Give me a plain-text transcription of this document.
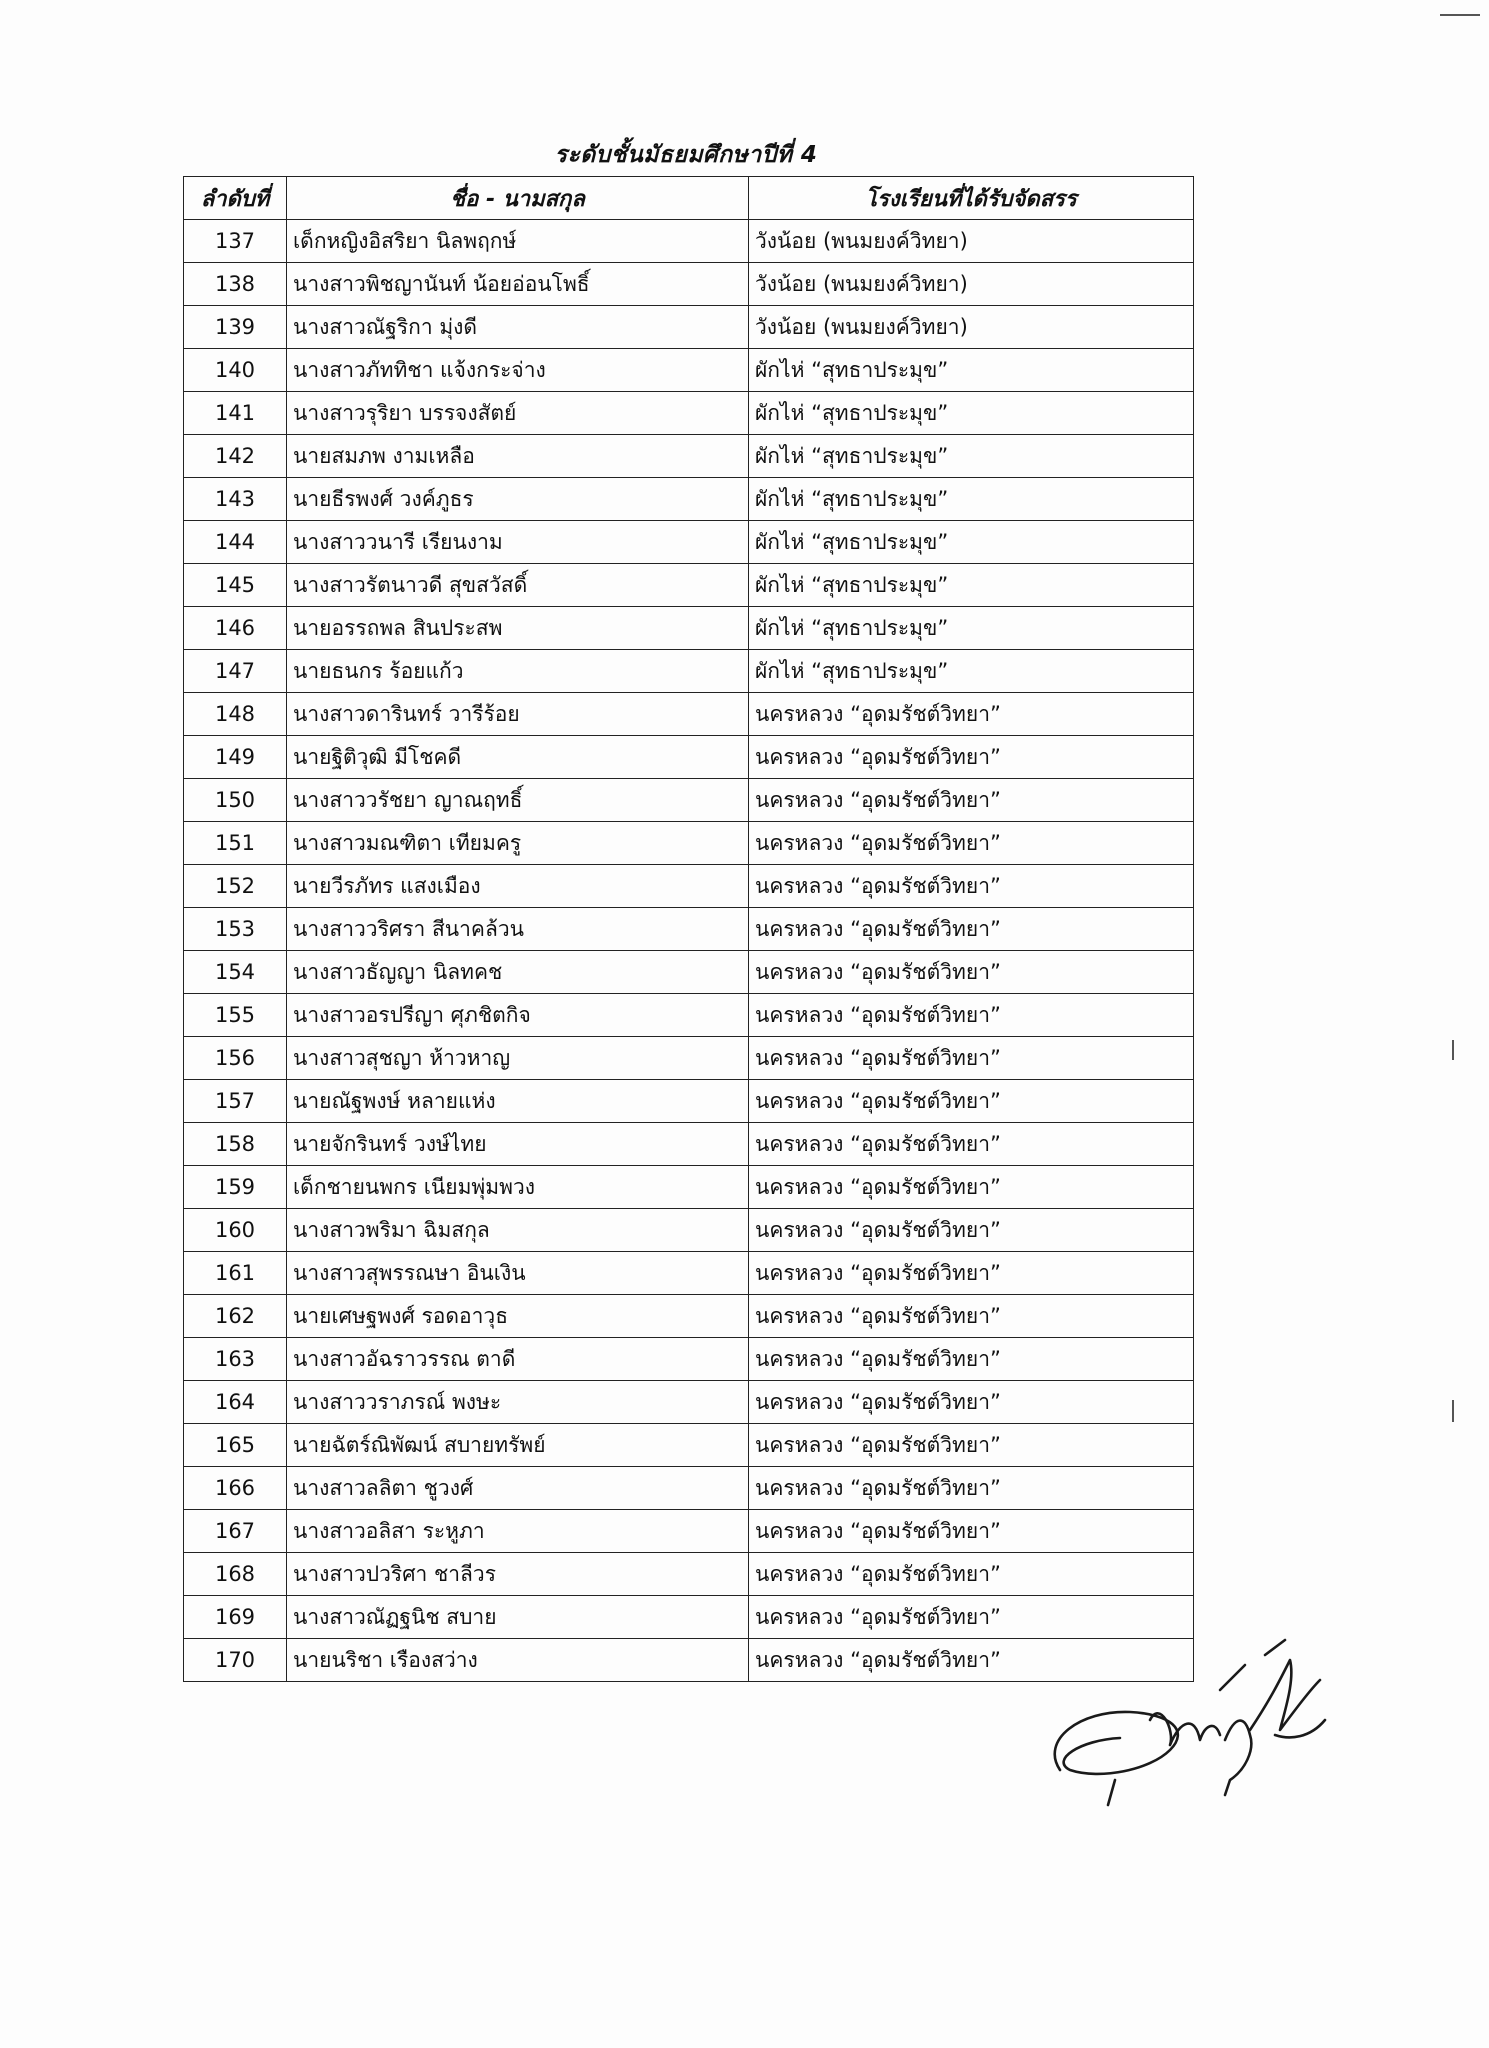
ระดับชั้นมัธยมศึกษาปีที่ 4
ลำดับที่	ชื่อ - นามสกุล	โรงเรียนที่ได้รับจัดสรร
137	เด็กหญิงอิสริยา นิลพฤกษ์	วังน้อย (พนมยงค์วิทยา)
138	นางสาวพิชญานันท์ น้อยอ่อนโพธิ์	วังน้อย (พนมยงค์วิทยา)
139	นางสาวณัฐริกา มุ่งดี	วังน้อย (พนมยงค์วิทยา)
140	นางสาวภัททิชา แจ้งกระจ่าง	ผักไห่ “สุทธาประมุข”
141	นางสาวรุริยา บรรจงสัตย์	ผักไห่ “สุทธาประมุข”
142	นายสมภพ งามเหลือ	ผักไห่ “สุทธาประมุข”
143	นายธีรพงศ์ วงค์ภูธร	ผักไห่ “สุทธาประมุข”
144	นางสาววนารี เรียนงาม	ผักไห่ “สุทธาประมุข”
145	นางสาวรัตนาวดี สุขสวัสดิ์	ผักไห่ “สุทธาประมุข”
146	นายอรรถพล สินประสพ	ผักไห่ “สุทธาประมุข”
147	นายธนกร ร้อยแก้ว	ผักไห่ “สุทธาประมุข”
148	นางสาวดารินทร์ วารีร้อย	นครหลวง “อุดมรัชต์วิทยา”
149	นายฐิติวุฒิ มีโชคดี	นครหลวง “อุดมรัชต์วิทยา”
150	นางสาววรัชยา ญาณฤทธิ์	นครหลวง “อุดมรัชต์วิทยา”
151	นางสาวมณฑิตา เทียมครู	นครหลวง “อุดมรัชต์วิทยา”
152	นายวีรภัทร แสงเมือง	นครหลวง “อุดมรัชต์วิทยา”
153	นางสาววริศรา สีนาคล้วน	นครหลวง “อุดมรัชต์วิทยา”
154	นางสาวธัญญา นิลทคช	นครหลวง “อุดมรัชต์วิทยา”
155	นางสาวอรปรีญา ศุภชิตกิจ	นครหลวง “อุดมรัชต์วิทยา”
156	นางสาวสุชญา ห้าวหาญ	นครหลวง “อุดมรัชต์วิทยา”
157	นายณัฐพงษ์ หลายแห่ง	นครหลวง “อุดมรัชต์วิทยา”
158	นายจักรินทร์ วงษ์ไทย	นครหลวง “อุดมรัชต์วิทยา”
159	เด็กชายนพกร เนียมพุ่มพวง	นครหลวง “อุดมรัชต์วิทยา”
160	นางสาวพริมา ฉิมสกุล	นครหลวง “อุดมรัชต์วิทยา”
161	นางสาวสุพรรณษา อินเงิน	นครหลวง “อุดมรัชต์วิทยา”
162	นายเศษฐพงศ์ รอดอาวุธ	นครหลวง “อุดมรัชต์วิทยา”
163	นางสาวอัฉราวรรณ ตาดี	นครหลวง “อุดมรัชต์วิทยา”
164	นางสาววราภรณ์ พงษะ	นครหลวง “อุดมรัชต์วิทยา”
165	นายฉัตร์ณิพัฒน์ สบายทรัพย์	นครหลวง “อุดมรัชต์วิทยา”
166	นางสาวลลิตา ชูวงศ์	นครหลวง “อุดมรัชต์วิทยา”
167	นางสาวอลิสา ระหูภา	นครหลวง “อุดมรัชต์วิทยา”
168	นางสาวปวริศา ชาลีวร	นครหลวง “อุดมรัชต์วิทยา”
169	นางสาวณัฏฐนิช สบาย	นครหลวง “อุดมรัชต์วิทยา”
170	นายนริชา เรืองสว่าง	นครหลวง “อุดมรัชต์วิทยา”
